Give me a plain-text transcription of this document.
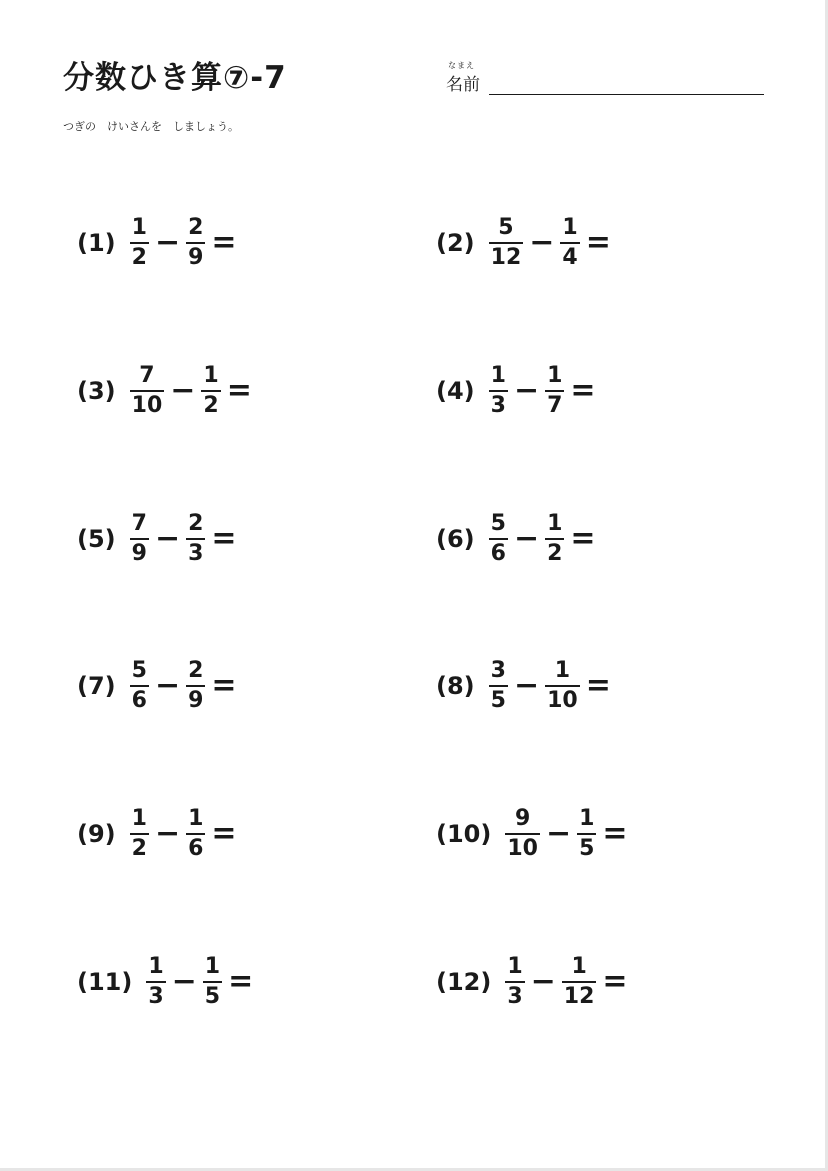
分数ひき算⑦-7	なまえ
名前
つぎの　けいさんを　しましょう。
$(1) \frac{1}{2} - \frac{2}{9}$ =	$(2) \frac{5}{12} - \frac{1}{4}$ =
$(3) \frac{7}{10} - \frac{1}{2}$ =	$(4) \frac{1}{3} - \frac{1}{7}$ =
$(5) \frac{7}{9} - \frac{2}{3}$ =	$(6) \frac{5}{6} - \frac{1}{2}$ =
$(7) \frac{5}{6} - \frac{2}{9}$ =	$(8) \frac{3}{5} - \frac{1}{10}$ =
$(9) \frac{1}{2} - \frac{1}{6}$ =	$(10) \frac{9}{10} - \frac{1}{5}$ =
$(11) \frac{1}{3} - \frac{1}{5}$ =	$(12) \frac{1}{3} - \frac{1}{12}$ =
